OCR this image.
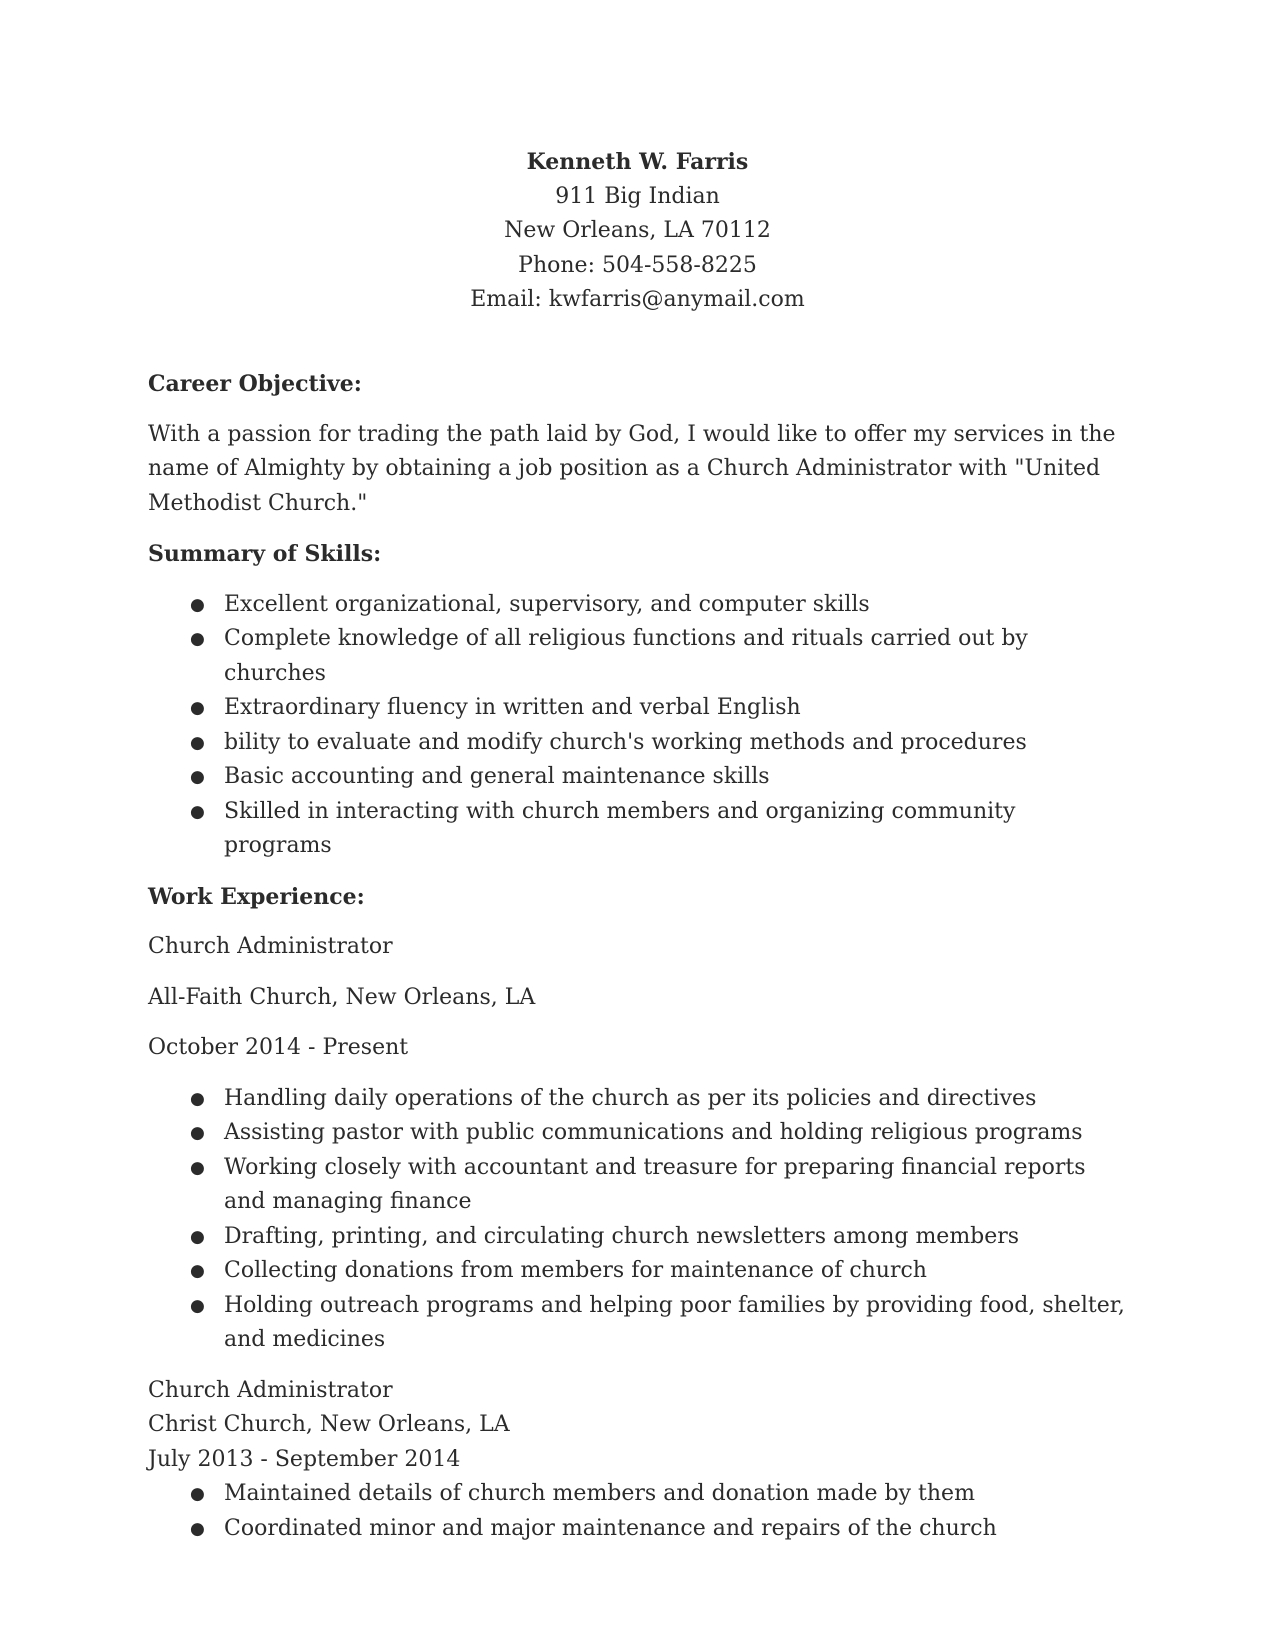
Kenneth W. Farris
911 Big Indian
New Orleans, LA 70112
Phone: 504-558-8225
Email: kwfarris@anymail.com
Career Objective:
With a passion for trading the path laid by God, I would like to offer my services in the name of Almighty by obtaining a job position as a Church Administrator with "United Methodist Church."
Summary of Skills:
● Excellent organizational, supervisory, and computer skills
● Complete knowledge of all religious functions and rituals carried out by churches
● Extraordinary fluency in written and verbal English
● bility to evaluate and modify church's working methods and procedures
● Basic accounting and general maintenance skills
● Skilled in interacting with church members and organizing community programs
Work Experience:
Church Administrator
All-Faith Church, New Orleans, LA
October 2014 - Present
● Handling daily operations of the church as per its policies and directives
● Assisting pastor with public communications and holding religious programs
● Working closely with accountant and treasure for preparing financial reports and managing finance
● Drafting, printing, and circulating church newsletters among members
● Collecting donations from members for maintenance of church
● Holding outreach programs and helping poor families by providing food, shelter, and medicines
Church Administrator
Christ Church, New Orleans, LA
July 2013 - September 2014
● Maintained details of church members and donation made by them
● Coordinated minor and major maintenance and repairs of the church
